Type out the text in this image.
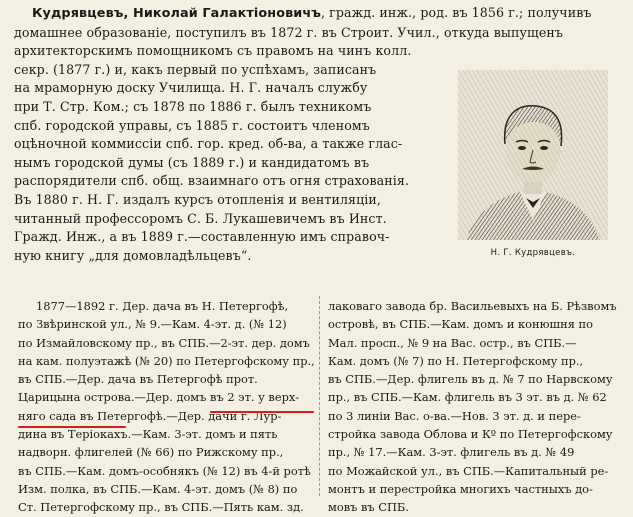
Кудрявцевъ, Николай Галактіоновичъ, гражд. инж., род. въ 1856 г.; получивъ
домашнее образованіе, поступилъ въ 1872 г. въ Строит. Учил., откуда выпущенъ
архитекторскимъ помощникомъ съ правомъ на чинъ колл.
секр. (1877 г.) и, какъ первый по успѣхамъ, записанъ
на мраморную доску Училища. Н. Г. началъ службу
при Т. Стр. Ком.; съ 1878 по 1886 г. былъ техникомъ
спб. городской управы, съ 1885 г. состоитъ членомъ
оцѣночной коммиссіи спб. гор. кред. об-ва, а также глас-
нымъ городской думы (съ 1889 г.) и кандидатомъ въ
распорядители спб. общ. взаимнаго отъ огня страхованія.
Въ 1880 г. Н. Г. издалъ курсъ отопленія и вентиляціи,
читанный профессоромъ С. Б. Лукашевичемъ въ Инст.
Гражд. Инж., а въ 1889 г.—составленную имъ справоч-
ную книгу „для домовладѣльцевъ“.	Н. Г. Кудрявцевъ.
1877—1892 г. Дер. дача въ Н. Петергофѣ,
по Звѣринской ул., № 9.—Кам. 4-эт. д. (№ 12)
по Измайловскому пр., въ СПБ.—2-эт. дер. домъ
на кам. полуэтажѣ (№ 20) по Петергофскому пр.,
въ СПБ.—Дер. дача въ Петергофѣ прот.
Царицына острова.—Дер. домъ въ 2 эт. у верх-
няго сада въ Петергофѣ.—Дер. дачи г. Лур-
дина въ Теріокахъ.—Кам. 3-эт. домъ и пять
надворн. флигелей (№ 66) по Рижскому пр.,
въ СПБ.—Кам. домъ-особнякъ (№ 12) въ 4-й ротѣ
Изм. полка, въ СПБ.—Кам. 4-эт. домъ (№ 8) по
Ст. Петергофскому пр., въ СПБ.—Пять кам. зд.
лаковаго завода бр. Васильевыхъ на Б. Рѣзвомъ
островѣ, въ СПБ.—Кам. домъ и конюшня по
Мал. просп., № 9 на Вас. остр., въ СПБ.—
Кам. домъ (№ 7) по Н. Петергофскому пр.,
въ СПБ.—Дер. флигель въ д. № 7 по Нарвскому
пр., въ СПБ.—Кам. флигель въ 3 эт. въ д. № 62
по 3 линіи Вас. о-ва.—Нов. 3 эт. д. и пере-
стройка завода Облова и Кº по Петергофскому
пр., № 17.—Кам. 3-эт. флигель въ д. № 49
по Можайской ул., въ СПБ.—Капитальный ре-
монтъ и перестройка многихъ частныхъ до-
мовъ въ СПБ.
